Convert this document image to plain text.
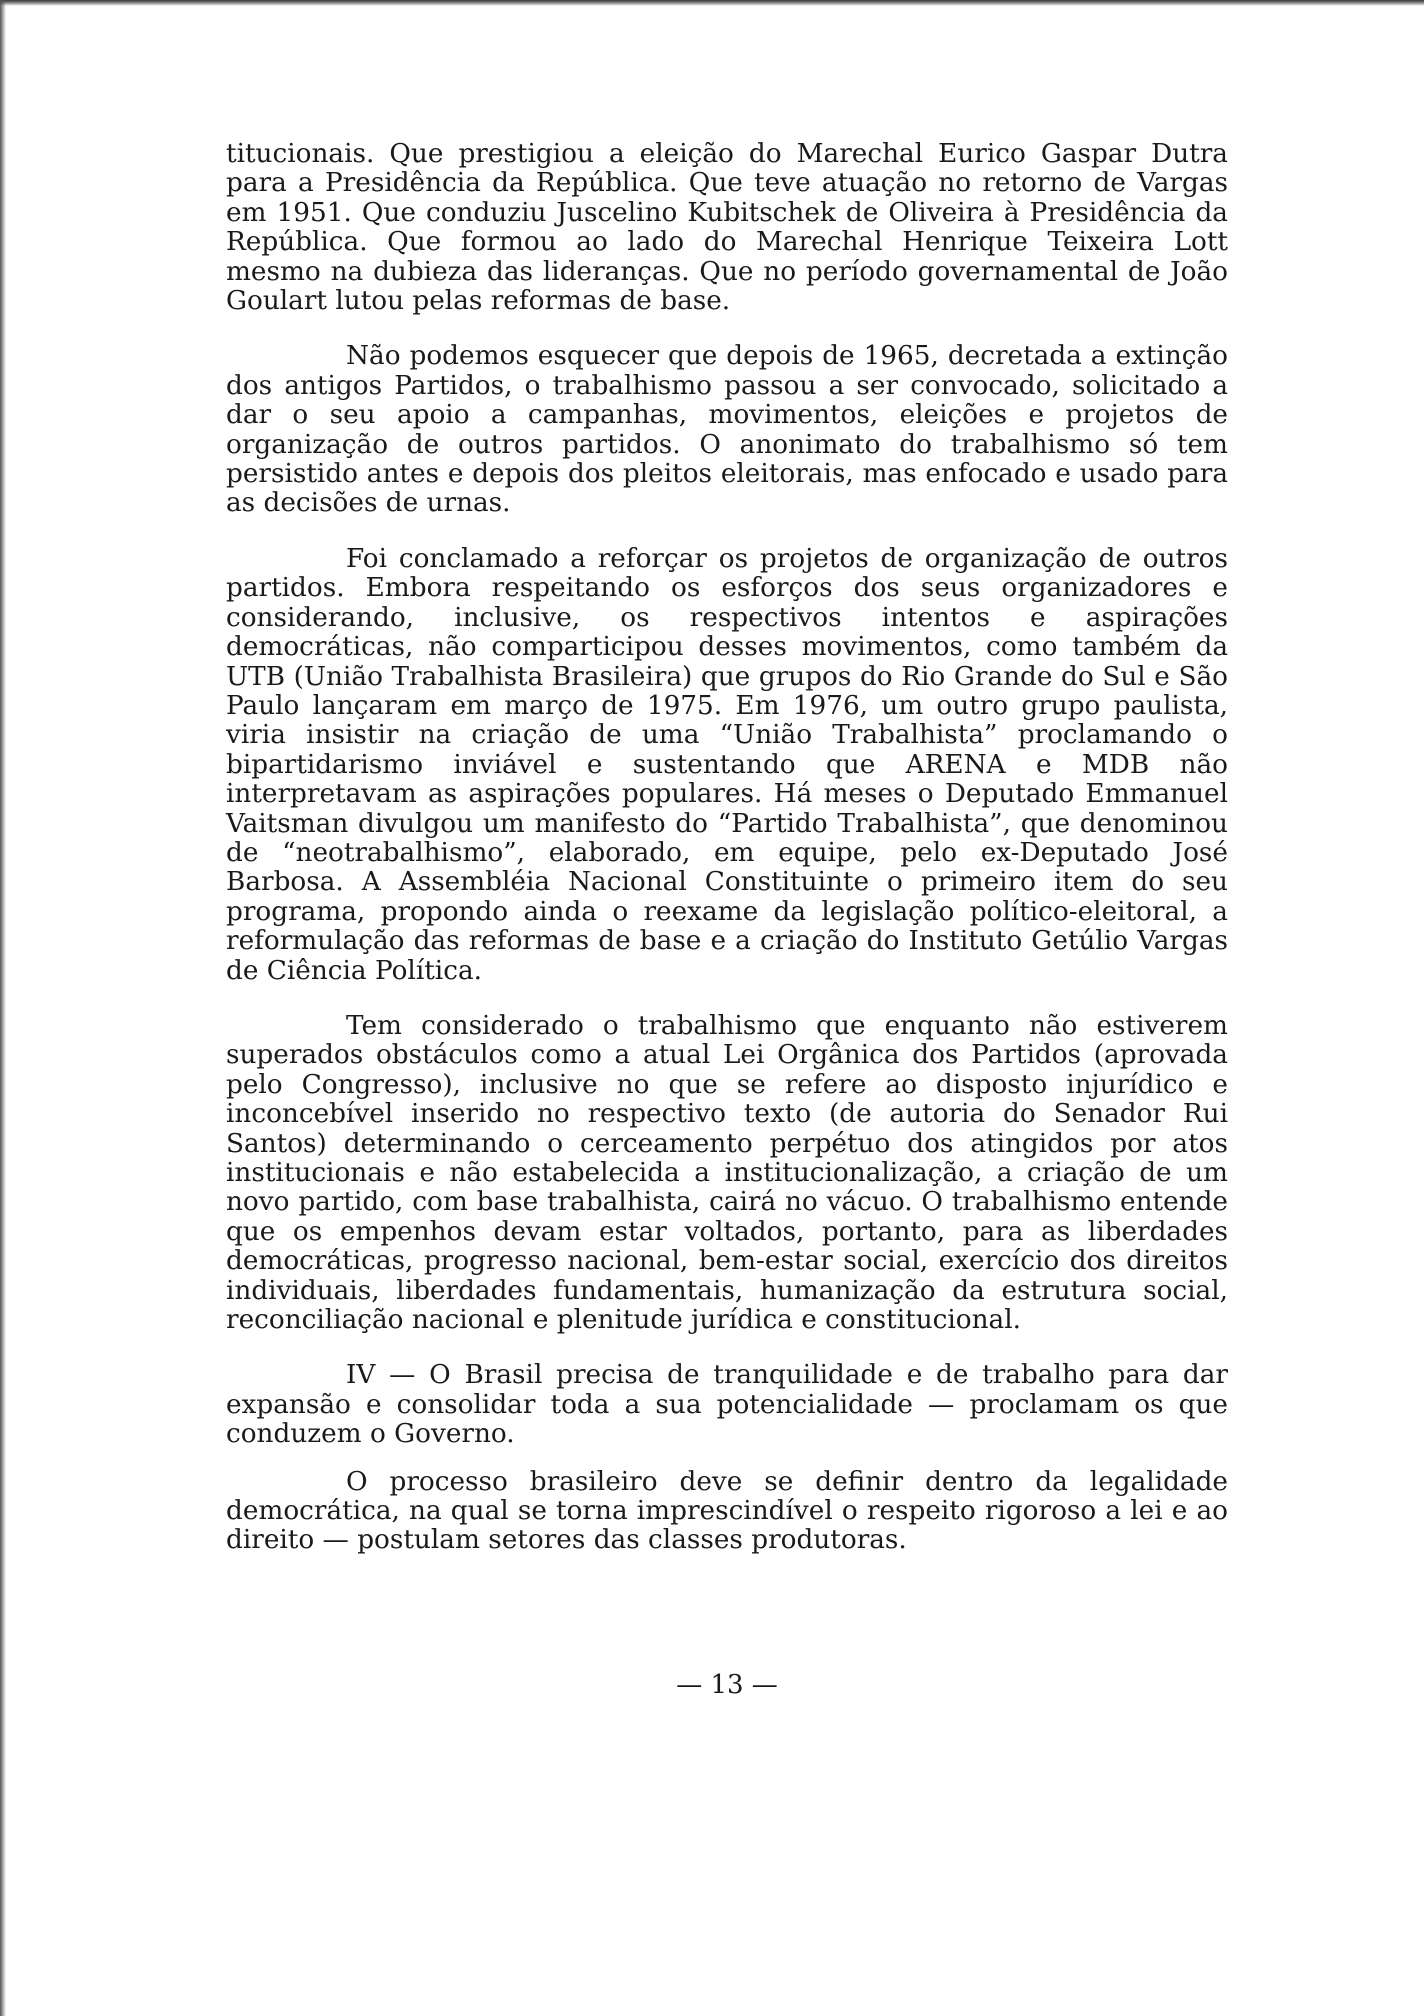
titucionais. Que prestigiou a eleição do Marechal Eurico Gaspar Dutra para a Presidência da República. Que teve atuação no retorno de Vargas em 1951. Que conduziu Juscelino Kubitschek de Oliveira à Presidência da República. Que formou ao lado do Marechal Henrique Teixeira Lott mesmo na dubieza das lideranças. Que no período governamental de João Goulart lutou pelas reformas de base.

Não podemos esquecer que depois de 1965, decretada a extinção dos antigos Partidos, o trabalhismo passou a ser convocado, solicitado a dar o seu apoio a campanhas, movimentos, eleições e projetos de organização de outros partidos. O anonimato do trabalhismo só tem persistido antes e depois dos pleitos eleitorais, mas enfocado e usado para as decisões de urnas.

Foi conclamado a reforçar os projetos de organização de outros partidos. Embora respeitando os esforços dos seus organizadores e considerando, inclusive, os respectivos intentos e aspirações democráticas, não comparticipou desses movimentos, como também da UTB (União Trabalhista Brasileira) que grupos do Rio Grande do Sul e São Paulo lançaram em março de 1975. Em 1976, um outro grupo paulista, viria insistir na criação de uma “União Trabalhista” proclamando o bipartidarismo inviável e sustentando que ARENA e MDB não interpretavam as aspirações populares. Há meses o Deputado Emmanuel Vaitsman divulgou um manifesto do “Partido Trabalhista”, que denominou de “neotrabalhismo”, elaborado, em equipe, pelo ex-Deputado José Barbosa. A Assembléia Nacional Constituinte o primeiro item do seu programa, propondo ainda o reexame da legislação político-eleitoral, a reformulação das reformas de base e a criação do Instituto Getúlio Vargas de Ciência Política.

Tem considerado o trabalhismo que enquanto não estiverem superados obstáculos como a atual Lei Orgânica dos Partidos (aprovada pelo Congresso), inclusive no que se refere ao disposto injurídico e inconcebível inserido no respectivo texto (de autoria do Senador Rui Santos) determinando o cerceamento perpétuo dos atingidos por atos institucionais e não estabelecida a institucionalização, a criação de um novo partido, com base trabalhista, cairá no vácuo. O trabalhismo entende que os empenhos devam estar voltados, portanto, para as liberdades democráticas, progresso nacional, bem-estar social, exercício dos direitos individuais, liberdades fundamentais, humanização da estrutura social, reconciliação nacional e plenitude jurídica e constitucional.

IV — O Brasil precisa de tranquilidade e de trabalho para dar expansão e consolidar toda a sua potencialidade — proclamam os que conduzem o Governo.

O processo brasileiro deve se definir dentro da legalidade democrática, na qual se torna imprescindível o respeito rigoroso a lei e ao direito — postulam setores das classes produtoras.

— 13 —
